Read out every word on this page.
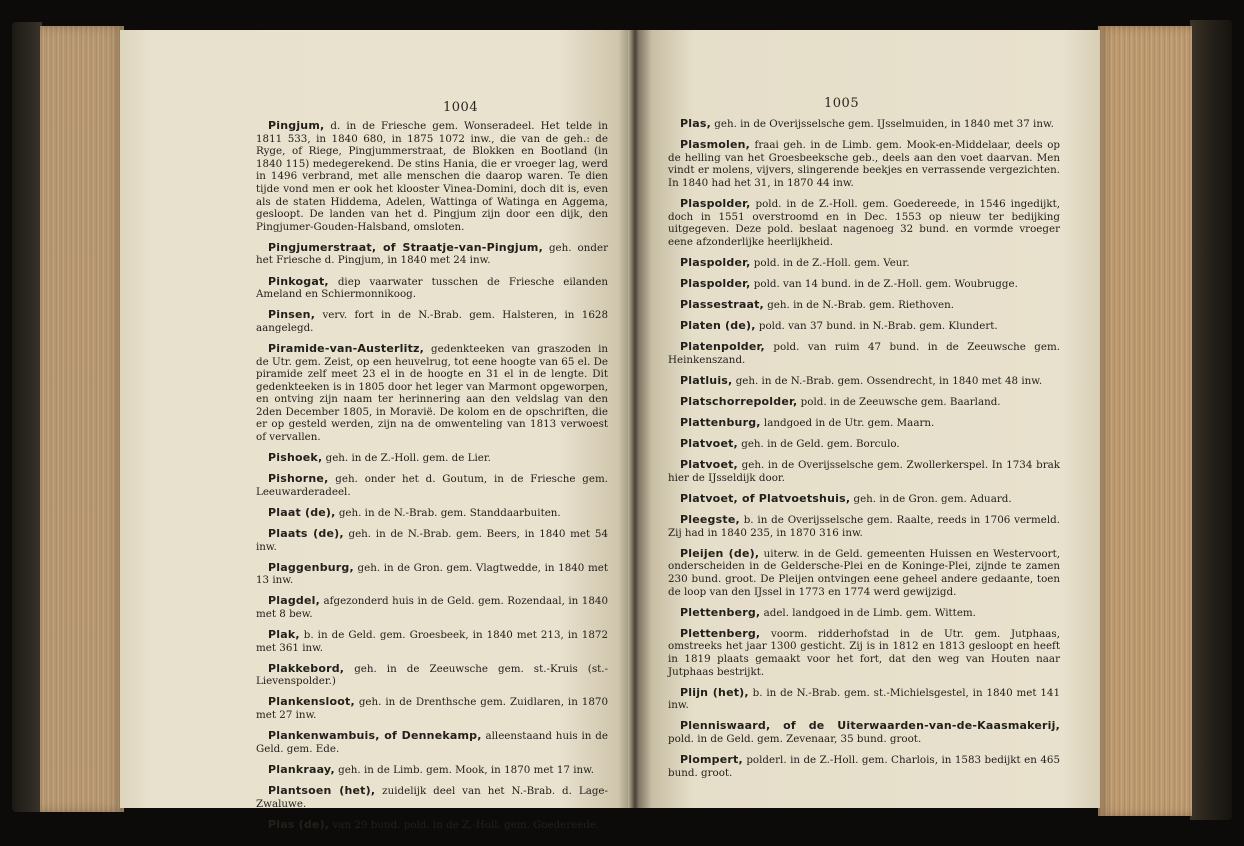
1004

Pingjum, d. in de Friesche gem. Wonseradeel. Het telde in 1811 533, in 1840 680, in 1875 1072 inw., die van de geh.: de Ryge, of Riege, Pingjummerstraat, de Blokken en Bootland (in 1840 115) medegerekend. De stins Hania, die er vroeger lag, werd in 1496 verbrand, met alle menschen die daarop waren. Te dien tijde vond men er ook het klooster Vinea-Domini, doch dit is, even als de staten Hiddema, Adelen, Wattinga of Watinga en Aggema, gesloopt. De landen van het d. Pingjum zijn door een dijk, den Pingjumer-Gouden-Halsband, omsloten.

Pingjumerstraat, of Straatje-van-Pingjum, geh. onder het Friesche d. Pingjum, in 1840 met 24 inw.

Pinkogat, diep vaarwater tusschen de Friesche eilanden Ameland en Schiermonnikoog.

Pinsen, verv. fort in de N.-Brab. gem. Halsteren, in 1628 aangelegd.

Piramide-van-Austerlitz, gedenkteeken van graszoden in de Utr. gem. Zeist, op een heuvelrug, tot eene hoogte van 65 el. De piramide zelf meet 23 el in de hoogte en 31 el in de lengte. Dit gedenkteeken is in 1805 door het leger van Marmont opgeworpen, en ontving zijn naam ter herinnering aan den veldslag van den 2den December 1805, in Moravië. De kolom en de opschriften, die er op gesteld werden, zijn na de omwenteling van 1813 verwoest of vervallen.

Pishoek, geh. in de Z.-Holl. gem. de Lier.

Pishorne, geh. onder het d. Goutum, in de Friesche gem. Leeuwarderadeel.

Plaat (de), geh. in de N.-Brab. gem. Standdaarbuiten.

Plaats (de), geh. in de N.-Brab. gem. Beers, in 1840 met 54 inw.

Plaggenburg, geh. in de Gron. gem. Vlagtwedde, in 1840 met 13 inw.

Plagdel, afgezonderd huis in de Geld. gem. Rozendaal, in 1840 met 8 bew.

Plak, b. in de Geld. gem. Groesbeek, in 1840 met 213, in 1872 met 361 inw.

Plakkebord, geh. in de Zeeuwsche gem. st.-Kruis (st.-Lievenspolder.)

Plankensloot, geh. in de Drenthsche gem. Zuidlaren, in 1870 met 27 inw.

Plankenwambuis, of Dennekamp, alleenstaand huis in de Geld. gem. Ede.

Plankraay, geh. in de Limb. gem. Mook, in 1870 met 17 inw.

Plantsoen (het), zuidelijk deel van het N.-Brab. d. Lage-Zwaluwe.

Plas (de), van 29 bund. pold. in de Z.-Holl. gem. Goedereede.

1005

Plas, geh. in de Overijsselsche gem. IJsselmuiden, in 1840 met 37 inw.

Plasmolen, fraai geh. in de Limb. gem. Mook-en-Middelaar, deels op de helling van het Groesbeeksche geb., deels aan den voet daarvan. Men vindt er molens, vijvers, slingerende beekjes en verrassende vergezichten. In 1840 had het 31, in 1870 44 inw.

Plaspolder, pold. in de Z.-Holl. gem. Goedereede, in 1546 ingedijkt, doch in 1551 overstroomd en in Dec. 1553 op nieuw ter bedijking uitgegeven. Deze pold. beslaat nagenoeg 32 bund. en vormde vroeger eene afzonderlijke heerlijkheid.

Plaspolder, pold. in de Z.-Holl. gem. Veur.

Plaspolder, pold. van 14 bund. in de Z.-Holl. gem. Woubrugge.

Plassestraat, geh. in de N.-Brab. gem. Riethoven.

Platen (de), pold. van 37 bund. in N.-Brab. gem. Klundert.

Platenpolder, pold. van ruim 47 bund. in de Zeeuwsche gem. Heinkenszand.

Platluis, geh. in de N.-Brab. gem. Ossendrecht, in 1840 met 48 inw.

Platschorrepolder, pold. in de Zeeuwsche gem. Baarland.

Plattenburg, landgoed in de Utr. gem. Maarn.

Platvoet, geh. in de Geld. gem. Borculo.

Platvoet, geh. in de Overijsselsche gem. Zwollerkerspel. In 1734 brak hier de IJsseldijk door.

Platvoet, of Platvoetshuis, geh. in de Gron. gem. Aduard.

Pleegste, b. in de Overijsselsche gem. Raalte, reeds in 1706 vermeld. Zij had in 1840 235, in 1870 316 inw.

Pleijen (de), uiterw. in de Geld. gemeenten Huissen en Westervoort, onderscheiden in de Geldersche-Plei en de Koninge-Plei, zijnde te zamen 230 bund. groot. De Pleijen ontvingen eene geheel andere gedaante, toen de loop van den IJssel in 1773 en 1774 werd gewijzigd.

Plettenberg, adel. landgoed in de Limb. gem. Wittem.

Plettenberg, voorm. ridderhofstad in de Utr. gem. Jutphaas, omstreeks het jaar 1300 gesticht. Zij is in 1812 en 1813 gesloopt en heeft in 1819 plaats gemaakt voor het fort, dat den weg van Houten naar Jutphaas bestrijkt.

Plijn (het), b. in de N.-Brab. gem. st.-Michielsgestel, in 1840 met 141 inw.

Plenniswaard, of de Uiterwaarden-van-de-Kaasmakerij, pold. in de Geld. gem. Zevenaar, 35 bund. groot.

Plompert, polderl. in de Z.-Holl. gem. Charlois, in 1583 bedijkt en 465 bund. groot.
